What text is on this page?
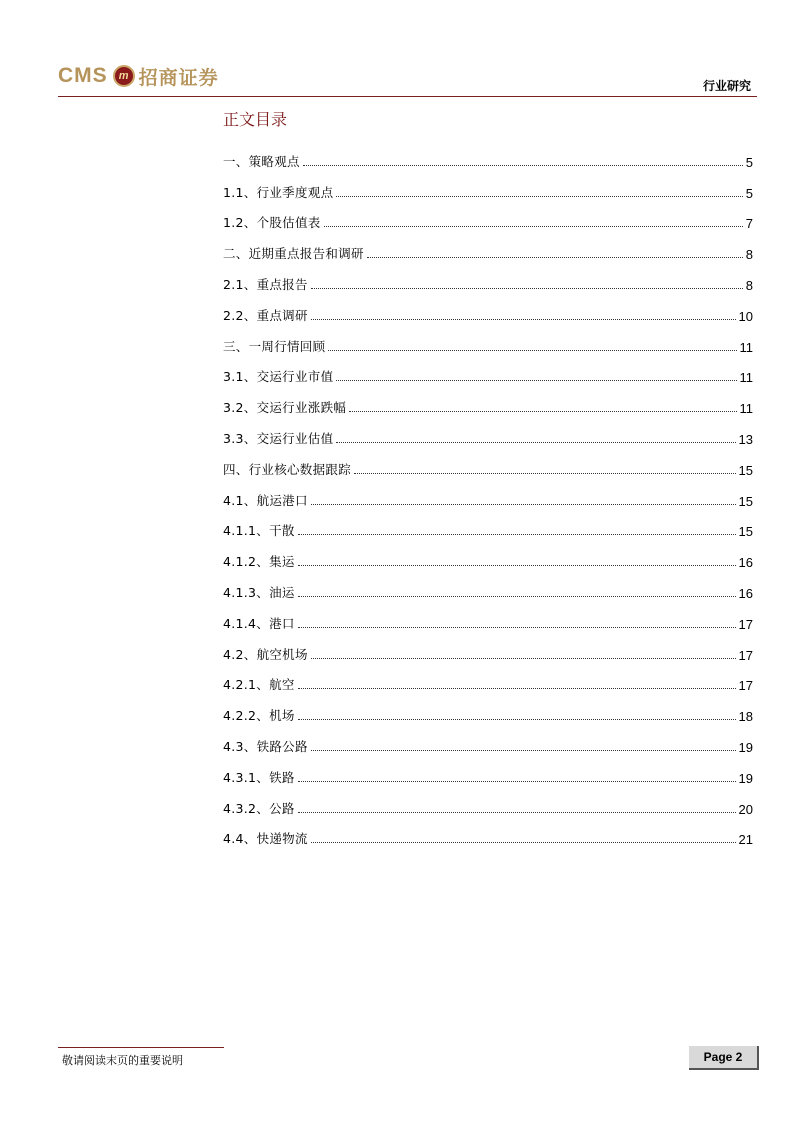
CMS	m 招商证券	行业研究
正文目录
一、策略观点	5
1.1、行业季度观点	5
1.2、个股估值表	7
二、近期重点报告和调研	8
2.1、重点报告	8
2.2、重点调研	10
三、一周行情回顾	11
3.1、交运行业市值	11
3.2、交运行业涨跌幅	11
3.3、交运行业估值	13
四、行业核心数据跟踪	15
4.1、航运港口	15
4.1.1、干散	15
4.1.2、集运	16
4.1.3、油运	16
4.1.4、港口	17
4.2、航空机场	17
4.2.1、航空	17
4.2.2、机场	18
4.3、铁路公路	19
4.3.1、铁路	19
4.3.2、公路	20
4.4、快递物流	21
敬请阅读末页的重要说明	Page 2
